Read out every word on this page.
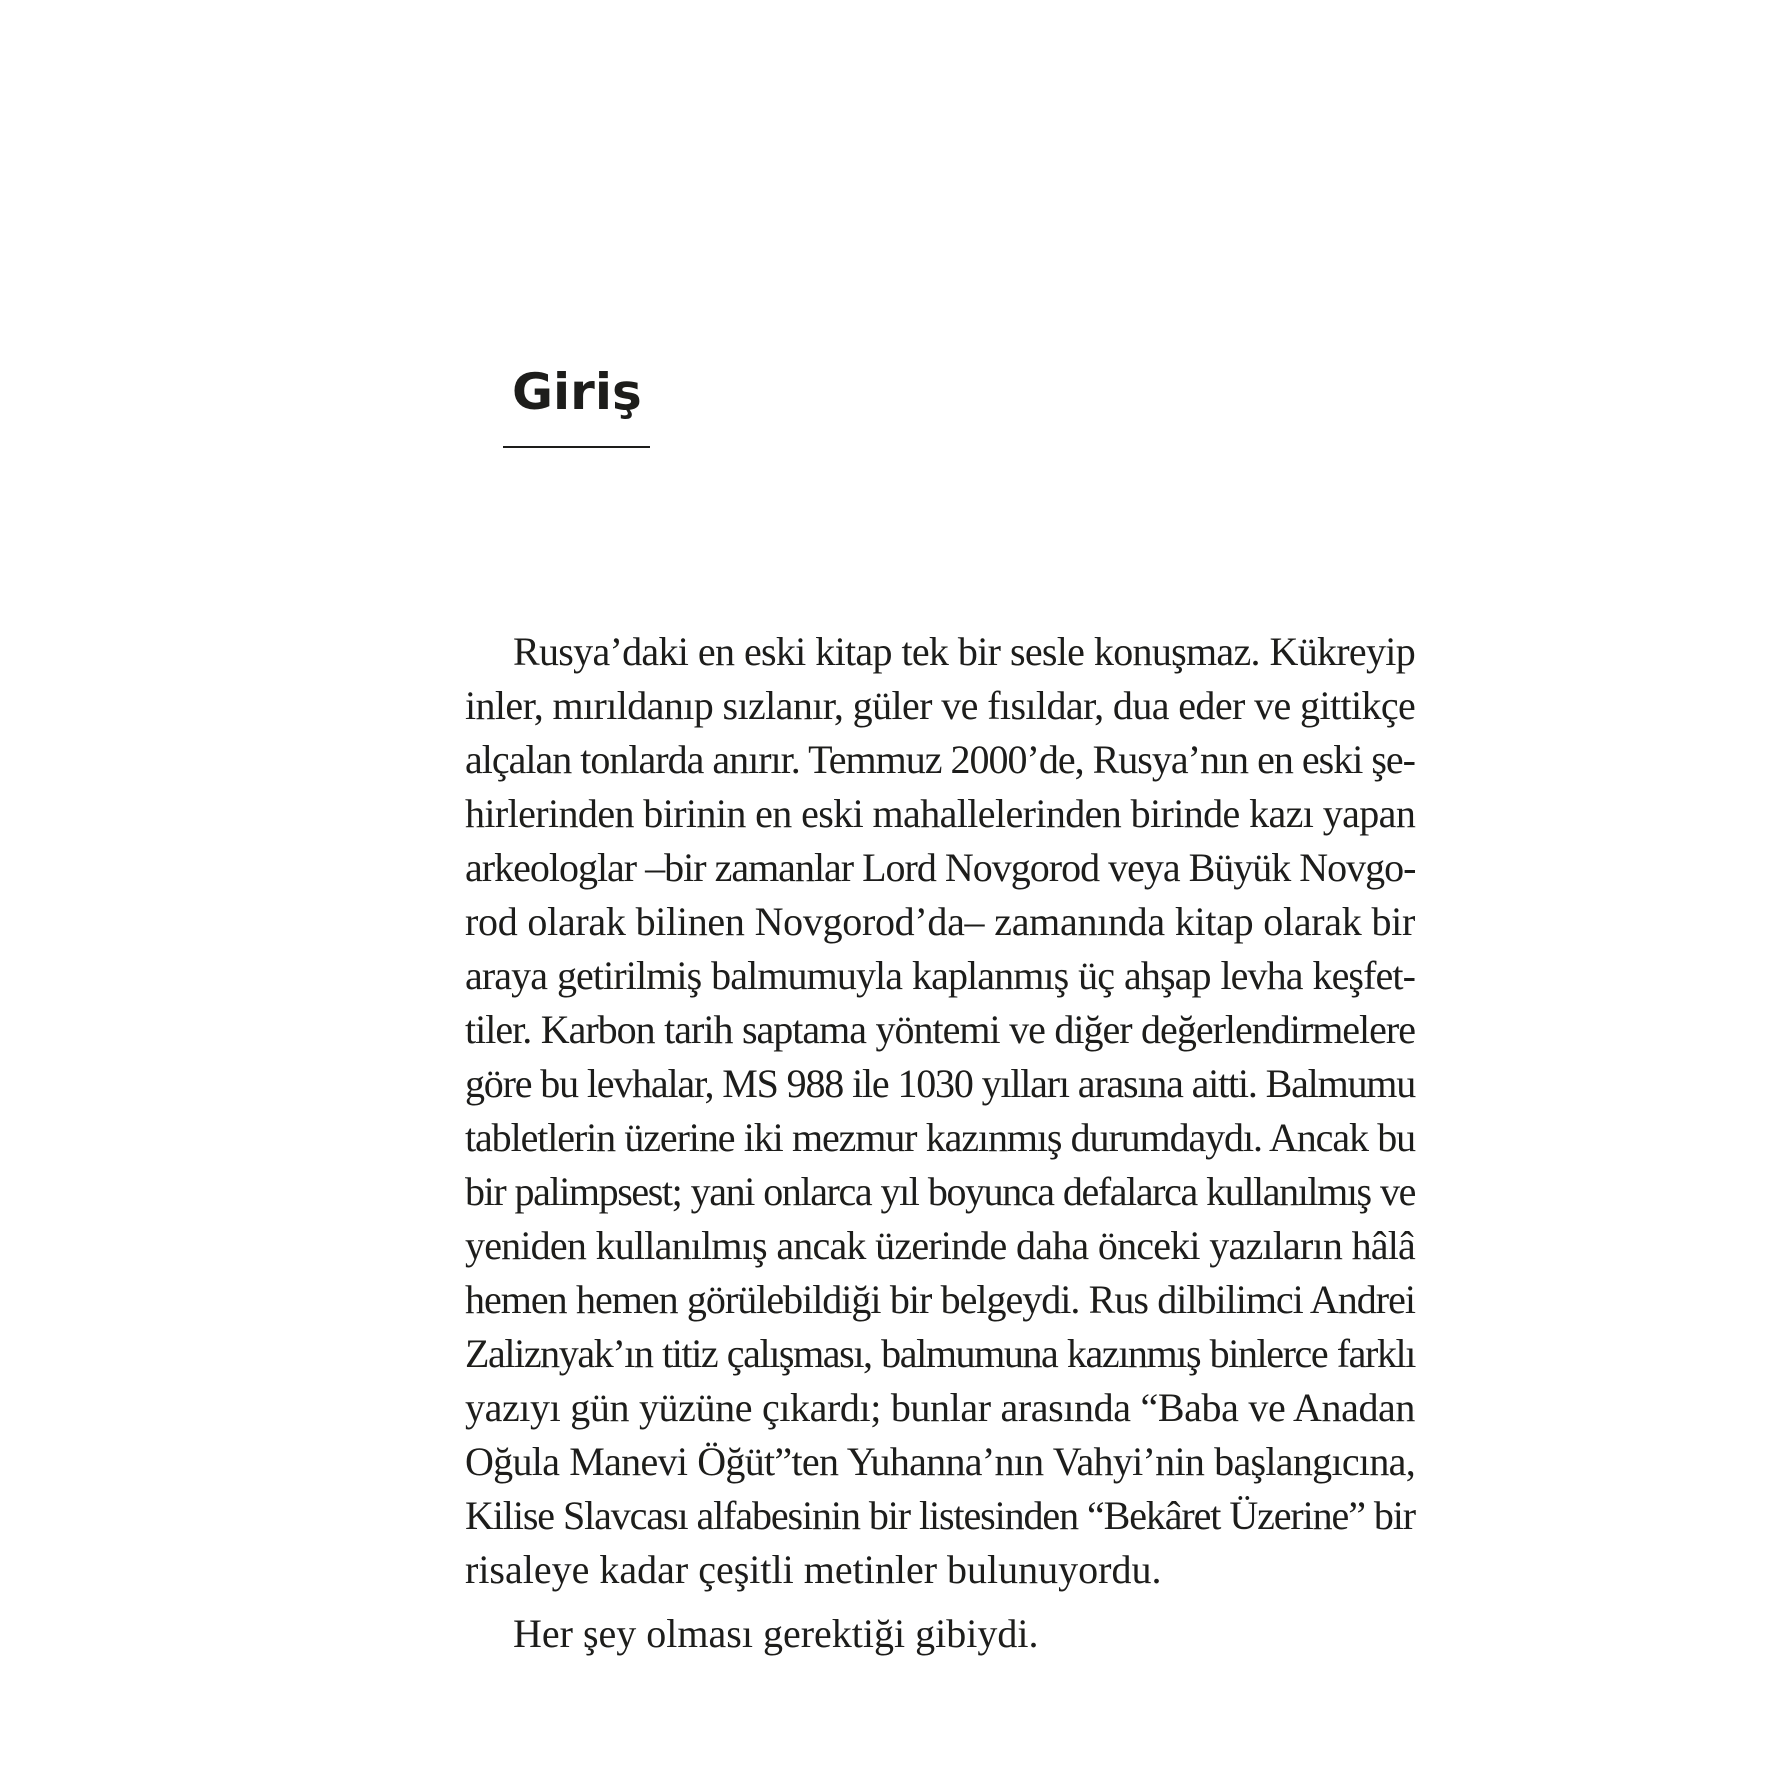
Giriş
Rusya’daki en eski kitap tek bir sesle konuşmaz. Kükreyip
inler, mırıldanıp sızlanır, güler ve fısıldar, dua eder ve gittikçe
alçalan tonlarda anırır. Temmuz 2000’de, Rusya’nın en eski şe-
hirlerinden birinin en eski mahallelerinden birinde kazı yapan
arkeologlar –bir zamanlar Lord Novgorod veya Büyük Novgo-
rod olarak bilinen Novgorod’da– zamanında kitap olarak bir
araya getirilmiş balmumuyla kaplanmış üç ahşap levha keşfet-
tiler. Karbon tarih saptama yöntemi ve diğer değerlendirmelere
göre bu levhalar, MS 988 ile 1030 yılları arasına aitti. Balmumu
tabletlerin üzerine iki mezmur kazınmış durumdaydı. Ancak bu
bir palimpsest; yani onlarca yıl boyunca defalarca kullanılmış ve
yeniden kullanılmış ancak üzerinde daha önceki yazıların hâlâ
hemen hemen görülebildiği bir belgeydi. Rus dilbilimci Andrei
Zaliznyak’ın titiz çalışması, balmumuna kazınmış binlerce farklı
yazıyı gün yüzüne çıkardı; bunlar arasında “Baba ve Anadan
Oğula Manevi Öğüt”ten Yuhanna’nın Vahyi’nin başlangıcına,
Kilise Slavcası alfabesinin bir listesinden “Bekâret Üzerine” bir
risaleye kadar çeşitli metinler bulunuyordu.
Her şey olması gerektiği gibiydi.
